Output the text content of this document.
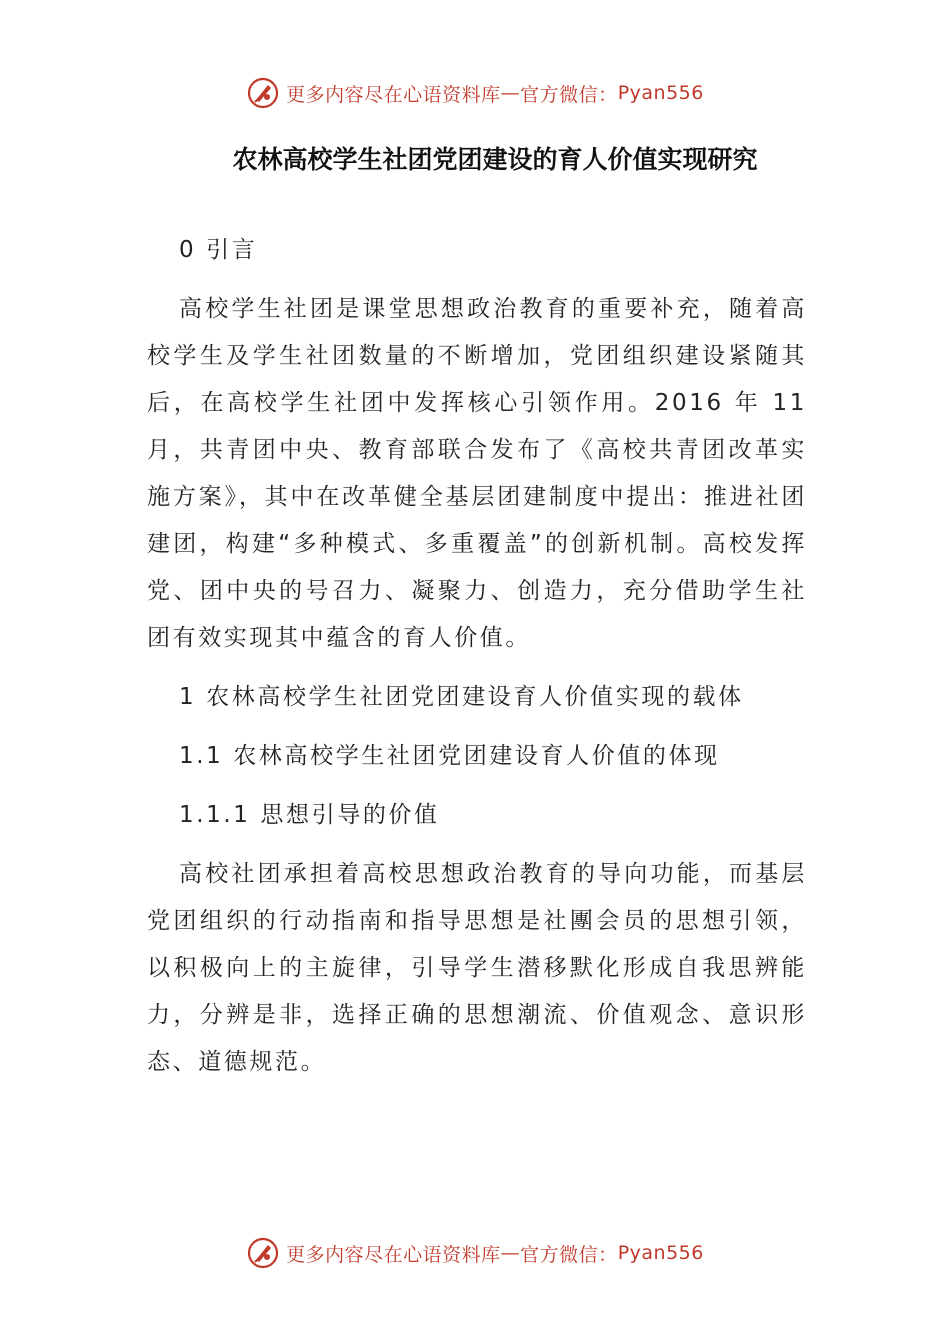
更多内容尽在心语资料库 — 官方微信： Pyan556
农林高校学生社团党团建设的育人价值实现研究

0 引言

高校学生社团是课堂思想政治教育的重要补充，随着高校学生及学生社团数量的不断增加，党团组织建设紧随其后，在高校学生社团中发挥核心引领作用。2016 年 11 月，共青团中央、教育部联合发布了《高校共青团改革实施方案》，其中在改革健全基层团建制度中提出：推进社团建团，构建“多种模式、多重覆盖”的创新机制。高校发挥党、团中央的号召力、凝聚力、创造力，充分借助学生社团有效实现其中蕴含的育人价值。

1 农林高校学生社团党团建设育人价值实现的载体

1.1 农林高校学生社团党团建设育人价值的体现

1.1.1 思想引导的价值

高校社团承担着高校思想政治教育的导向功能，而基层党团组织的行动指南和指导思想是社團会员的思想引领，以积极向上的主旋律，引导学生潜移默化形成自我思辨能力，分辨是非，选择正确的思想潮流、价值观念、意识形态、道德规范。

更多内容尽在心语资料库 — 官方微信： Pyan556
